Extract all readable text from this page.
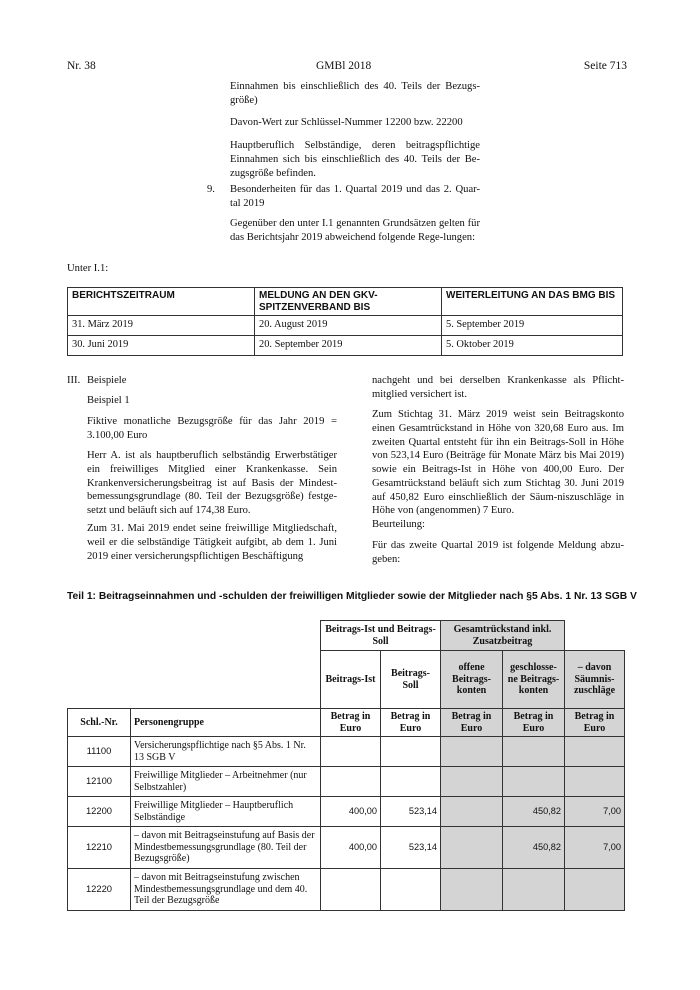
Nr. 38	GMBl 2018	Seite 713
Einnahmen bis einschließlich des 40. Teils der Bezugs-größe)
Davon-Wert zur Schlüssel-Nummer 12200 bzw. 22200
Hauptberuflich Selbständige, deren beitragspflichtige Einnahmen sich bis einschließlich des 40. Teils der Be-zugsgröße befinden.
9. Besonderheiten für das 1. Quartal 2019 und das 2. Quar-tal 2019
Gegenüber den unter I.1 genannten Grundsätzen gelten für das Berichtsjahr 2019 abweichend folgende Rege-lungen:
Unter I.1:
BERICHTSZEITRAUM	MELDUNG AN DEN GKV-SPITZENVERBAND BIS	WEITERLEITUNG AN DAS BMG BIS
31. März 2019	20. August 2019	5. September 2019
30. Juni 2019	20. September 2019	5. Oktober 2019
III. Beispiele
Beispiel 1
Fiktive monatliche Bezugsgröße für das Jahr 2019 = 3.100,00 Euro
Herr A. ist als hauptberuflich selbständig Erwerbstätiger ein freiwilliges Mitglied einer Krankenkasse. Sein Krankenversicherungsbeitrag ist auf Basis der Mindest-bemessungsgrundlage (80. Teil der Bezugsgröße) festge-setzt und beläuft sich auf 174,38 Euro.
Zum 31. Mai 2019 endet seine freiwillige Mitgliedschaft, weil er die selbständige Tätigkeit aufgibt, ab dem 1. Juni 2019 einer versicherungspflichtigen Beschäftigung
nachgeht und bei derselben Krankenkasse als Pflicht-mitglied versichert ist.
Zum Stichtag 31. März 2019 weist sein Beitragskonto einen Gesamtrückstand in Höhe von 320,68 Euro aus. Im zweiten Quartal entsteht für ihn ein Beitrags-Soll in Höhe von 523,14 Euro (Beiträge für Monate März bis Mai 2019) sowie ein Beitrags-Ist in Höhe von 400,00 Euro. Der Gesamtrückstand beläuft sich zum Stichtag 30. Juni 2019 auf 450,82 Euro einschließlich der Säum-niszuschläge in Höhe von (angenommen) 7 Euro.
Beurteilung:
Für das zweite Quartal 2019 ist folgende Meldung abzu-geben:
Teil 1: Beitragseinnahmen und -schulden der freiwilligen Mitglieder sowie der Mitglieder nach §5 Abs. 1 Nr. 13 SGB V
		Beitrags-Ist und Beitrags-Soll		Gesamtrückstand inkl. Zusatzbeitrag		
		Beitrags-Ist	Beitrags-Soll	offene Beitrags-konten	geschlosse-ne Beitrags-konten	– davon Säumnis-zuschläge
Schl.-Nr.	Personengruppe	Betrag in Euro	Betrag in Euro	Betrag in Euro	Betrag in Euro	Betrag in Euro
11100	Versicherungspflichtige nach §5 Abs. 1 Nr. 13 SGB V					
12100	Freiwillige Mitglieder – Arbeitnehmer (nur Selbstzahler)					
12200	Freiwillige Mitglieder – Hauptberuflich Selbständige	400,00	523,14		450,82	7,00
12210	– davon mit Beitragseinstufung auf Basis der Mindestbemessungsgrundlage (80. Teil der Bezugsgröße)	400,00	523,14		450,82	7,00
12220	– davon mit Beitragseinstufung zwischen Mindestbemessungsgrundlage und dem 40. Teil der Bezugsgröße					
